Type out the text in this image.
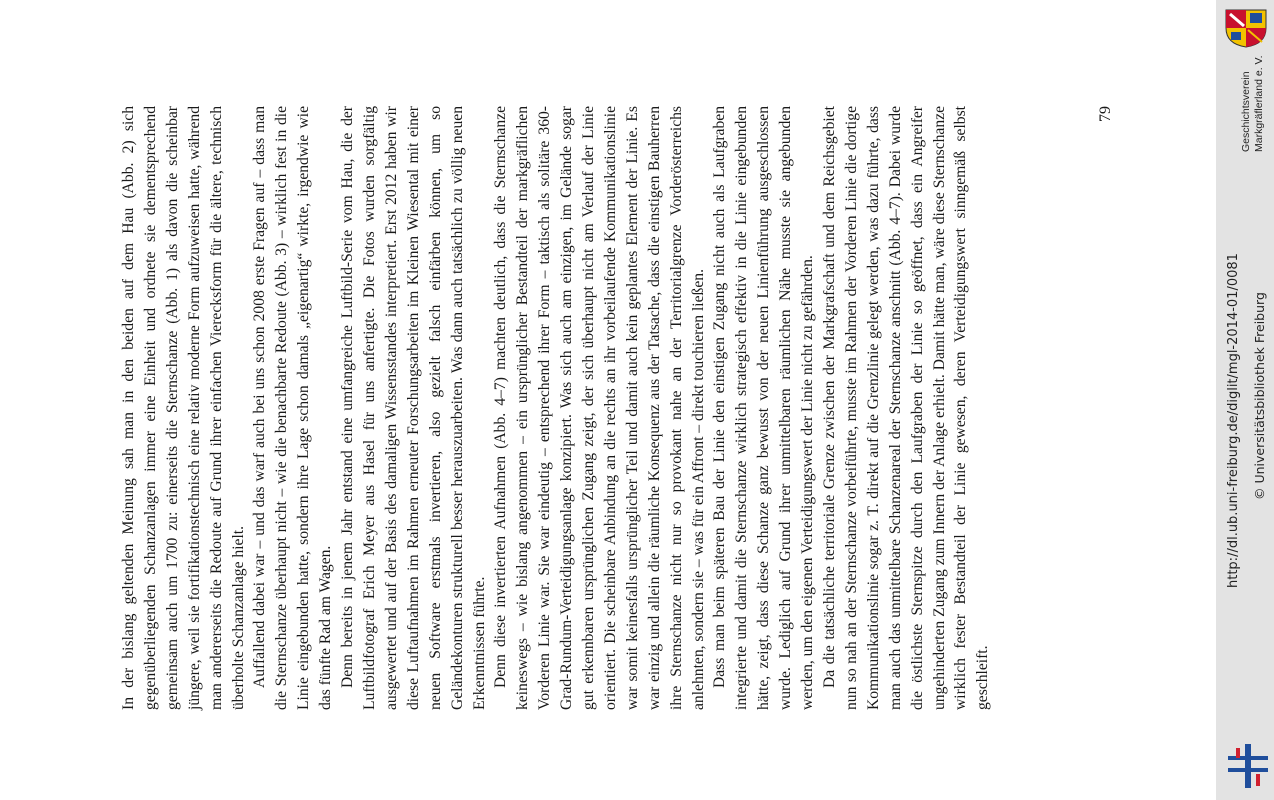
In der bislang geltenden Meinung sah man in den beiden auf dem Hau (Abb. 2) sich gegenüberliegenden Schanzanlagen immer eine Einheit und ordnete sie dementsprechend gemeinsam auch um 1700 zu: einerseits die Sternschanze (Abb. 1) als davon die scheinbar jüngere, weil sie fortifikationstechnisch eine relativ moderne Form aufzuweisen hatte, während man andererseits die Redoute auf Grund ihrer einfachen Vierecksform für die ältere, technisch überholte Schanzanlage hielt. Auffallend dabei war – und das warf auch bei uns schon 2008 erste Fragen auf – dass man die Sternschanze überhaupt nicht – wie die benachbarte Redoute (Abb. 3) – wirklich fest in die Linie eingebunden hatte, sondern ihre Lage schon damals „eigenartig“ wirkte, irgendwie wie das fünfte Rad am Wagen. Denn bereits in jenem Jahr entstand eine umfangreiche Luftbild-Serie vom Hau, die der Luftbildfotograf Erich Meyer aus Hasel für uns anfertigte. Die Fotos wurden sorgfältig ausgewertet und auf der Basis des damaligen Wissensstandes interpretiert. Erst 2012 haben wir diese Luftaufnahmen im Rahmen erneuter Forschungsarbeiten im Kleinen Wiesental mit einer neuen Software erstmals invertieren, also gezielt falsch einfärben können, um so Geländekonturen strukturell besser herauszuarbeiten. Was dann auch tatsächlich zu völlig neuen Erkenntnissen führte. Denn diese invertierten Aufnahmen (Abb. 4–7) machten deutlich, dass die Sternschanze keineswegs – wie bislang angenommen – ein ursprünglicher Bestandteil der markgräflichen Vorderen Linie war. Sie war eindeutig – entsprechend ihrer Form – taktisch als solitäre 360-Grad-Rundum-Verteidigungsanlage konzipiert. Was sich auch am einzigen, im Gelände sogar gut erkennbaren ursprünglichen Zugang zeigt, der sich überhaupt nicht am Verlauf der Linie orientiert. Die scheinbare Anbindung an die rechts an ihr vorbeilaufende Kommunikationslinie war somit keinesfalls ursprünglicher Teil und damit auch kein geplantes Element der Linie. Es war einzig und allein die räumliche Konsequenz aus der Tatsache, dass die einstigen Bauherren ihre Sternschanze nicht nur so provokant nahe an der Territorialgrenze Vorderösterreichs anlehnten, sondern sie – was für ein Affront – direkt touchieren ließen. Dass man beim späteren Bau der Linie den einstigen Zugang nicht auch als Laufgraben integrierte und damit die Sternschanze wirklich strategisch effektiv in die Linie eingebunden hätte, zeigt, dass diese Schanze ganz bewusst von der neuen Linienführung ausgeschlossen wurde. Lediglich auf Grund ihrer unmittelbaren räumlichen Nähe musste sie angebunden werden, um den eigenen Verteidigungswert der Linie nicht zu gefährden. Da die tatsächliche territoriale Grenze zwischen der Markgrafschaft und dem Reichsgebiet nun so nah an der Sternschanze vorbeiführte, musste im Rahmen der Vorderen Linie die dortige Kommunikationslinie sogar z. T. direkt auf die Grenzlinie gelegt werden, was dazu führte, dass man auch das unmittelbare Schanzenareal der Sternschanze anschnitt (Abb. 4–7). Dabei wurde die östlichste Sternspitze durch den Laufgraben der Linie so geöffnet, dass ein Angreifer ungehinderten Zugang zum Innern der Anlage erhielt. Damit hätte man, wäre diese Sternschanze wirklich fester Bestandteil der Linie gewesen, deren Verteidigungswert sinngemäß selbst geschleift.

79	Geschichtsverein Markgräflerland e. V.
http://dl.ub.uni-freiburg.de/diglit/mgl-2014-01/0081 © Universitätsbibliothek Freiburg
